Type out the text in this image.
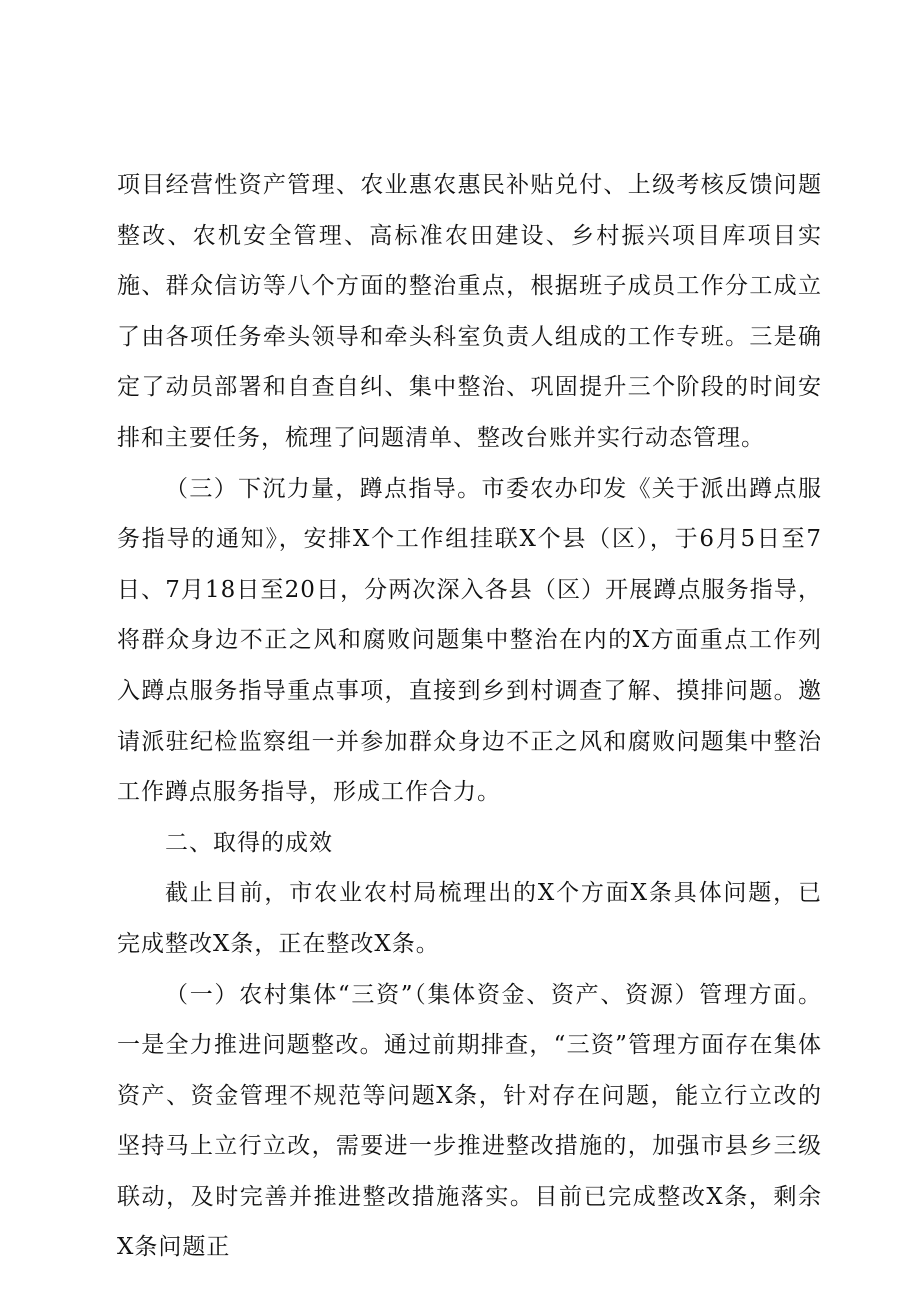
项目经营性资产管理、农业惠农惠民补贴兑付、上级考核反馈问题整改、农机安全管理、高标准农田建设、乡村振兴项目库项目实施、群众信访等八个方面的整治重点，根据班子成员工作分工成立了由各项任务牵头领导和牵头科室负责人组成的工作专班。三是确定了动员部署和自查自纠、集中整治、巩固提升三个阶段的时间安排和主要任务，梳理了问题清单、整改台账并实行动态管理。

（三）下沉力量，蹲点指导。市委农办印发《关于派出蹲点服务指导的通知》，安排X个工作组挂联X个县（区），于6月5日至7日、7月18日至20日，分两次深入各县（区）开展蹲点服务指导，将群众身边不正之风和腐败问题集中整治在内的X方面重点工作列入蹲点服务指导重点事项，直接到乡到村调查了解、摸排问题。邀请派驻纪检监察组一并参加群众身边不正之风和腐败问题集中整治工作蹲点服务指导，形成工作合力。

二、取得的成效

截止目前，市农业农村局梳理出的X个方面X条具体问题，已完成整改X条，正在整改X条。

（一）农村集体“三资”（集体资金、资产、资源）管理方面。一是全力推进问题整改。通过前期排查，“三资”管理方面存在集体资产、资金管理不规范等问题X条，针对存在问题，能立行立改的坚持马上立行立改，需要进一步推进整改措施的，加强市县乡三级联动，及时完善并推进整改措施落实。目前已完成整改X条，剩余X条问题正
